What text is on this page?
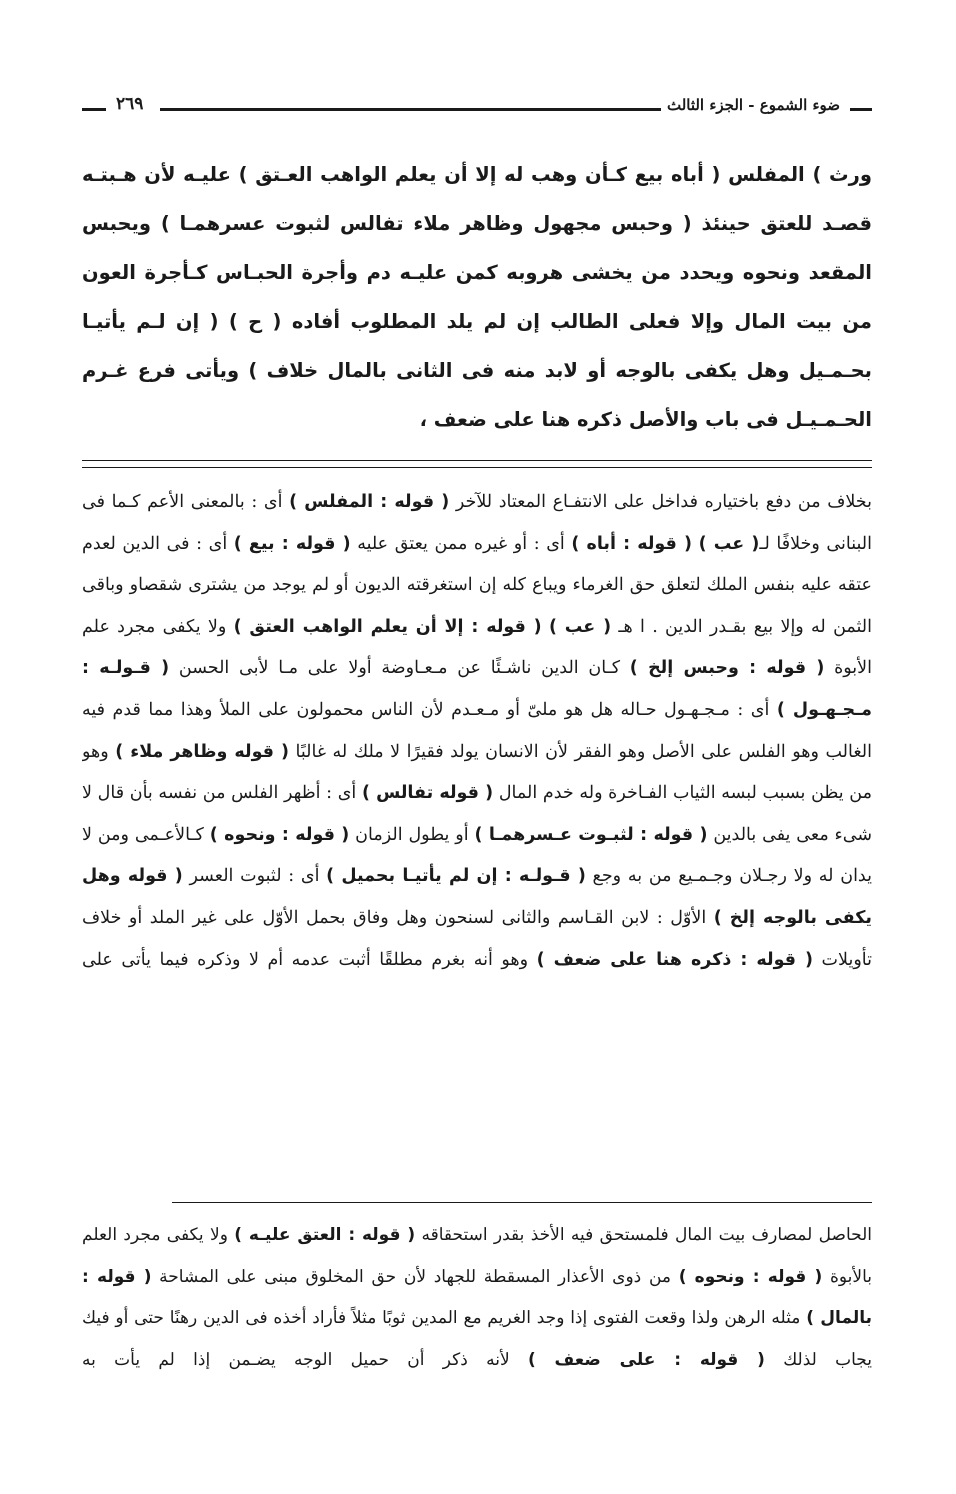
ضوء الشموع - الجزء الثالث
٢٦٩
ورث ) المفلس ( أباه بيع كـأن وهب له إلا أن يعلم الواهب العـتق ) عليـه لأن هـبتـه قصـد للعتق حينئذ ( وحبس مجهول وظاهر ملاء تفالس لثبوت عسرهمـا ) ويحبس المقعد ونحوه ويحدد من يخشى هروبه كمن عليـه دم وأجرة الحبـاس كـأجرة العون من بيت المال وإلا فعلى الطالب إن لم يلد المطلوب أفاده ( ح ) ( إن لـم يأتيـا بحـمـيل وهل يكفى بالوجه أو لابد منه فى الثانى بالمال خلاف ) ويأتى فرع غـرم الحـمـيـل فى باب والأصل ذكره هنا على ضعف ،
بخلاف من دفع باختياره فداخل على الانتفـاع المعتاد للآخر ( قوله : المفلس ) أى : بالمعنى الأعم كـما فى البنانى وخلافًا لـ( عب ) ( قوله : أباه ) أى : أو غيره ممن يعتق عليه ( قوله : بيع ) أى : فى الدين لعدم عتقه عليه بنفس الملك لتعلق حق الغرماء ويباع كله إن استغرقته الديون أو لم يوجد من يشترى شقصاو وباقى الثمن له وإلا بيع بقـدر الدين . ا هـ ( عب ) ( قوله : إلا أن يعلم الواهب العتق ) ولا يكفى مجرد علم الأبوة ( قوله : وحبس إلخ ) كـان الدين ناشـئًا عن مـعـاوضة أولا على مـا لأبى الحسن ( قـولـه : مـجـهـول ) أى : مـجـهـول حـاله هل هو ملىّ أو مـعـدم لأن الناس محمولون على الملأ وهذا مما قدم فيه الغالب وهو الفلس على الأصل وهو الفقر لأن الانسان يولد فقيرًا لا ملك له غالبًا ( قوله وظاهر ملاء ) وهو من يظن بسبب لبسه الثياب الفـاخرة وله خدم المال ( قوله تفالس ) أى : أظهر الفلس من نفسه بأن قال لا شىء معى يفى بالدين ( قوله : لثبـوت عـسرهمـا ) أو يطول الزمان ( قوله : ونحوه ) كـالأعـمى ومن لا يدان له ولا رجـلان وجـمـيع من به وجع ( قـولـه : إن لم يأتيـا بحميل ) أى : لثبوت العسر ( قوله وهل يكفى بالوجه إلخ ) الأوّل : لابن القـاسم والثانى لسنحون وهل وفاق بحمل الأوّل على غير الملد أو خلاف تأويلات ( قوله : ذكره هنا على ضعف ) وهو أنه بغرم مطلقًا أثبت عدمه أم لا وذكره فيما يأتى على
الحاصل لمصارف بيت المال فلمستحق فيه الأخذ بقدر استحقاقه ( قوله : العتق عليـه ) ولا يكفى مجرد العلم بالأبوة ( قوله : ونحوه ) من ذوى الأعذار المسقطة للجهاد لأن حق المخلوق مبنى على المشاحة ( قوله : بالمال ) مثله الرهن ولذا وقعت الفتوى إذا وجد الغريم مع المدين ثوبًا مثلاً فأراد أخذه فى الدين رهنًا حتى أو فيك يجاب لذلك ( قوله : على ضعف ) لأنه ذكر أن حميل الوجه يضـمن إذا لم يأت به
